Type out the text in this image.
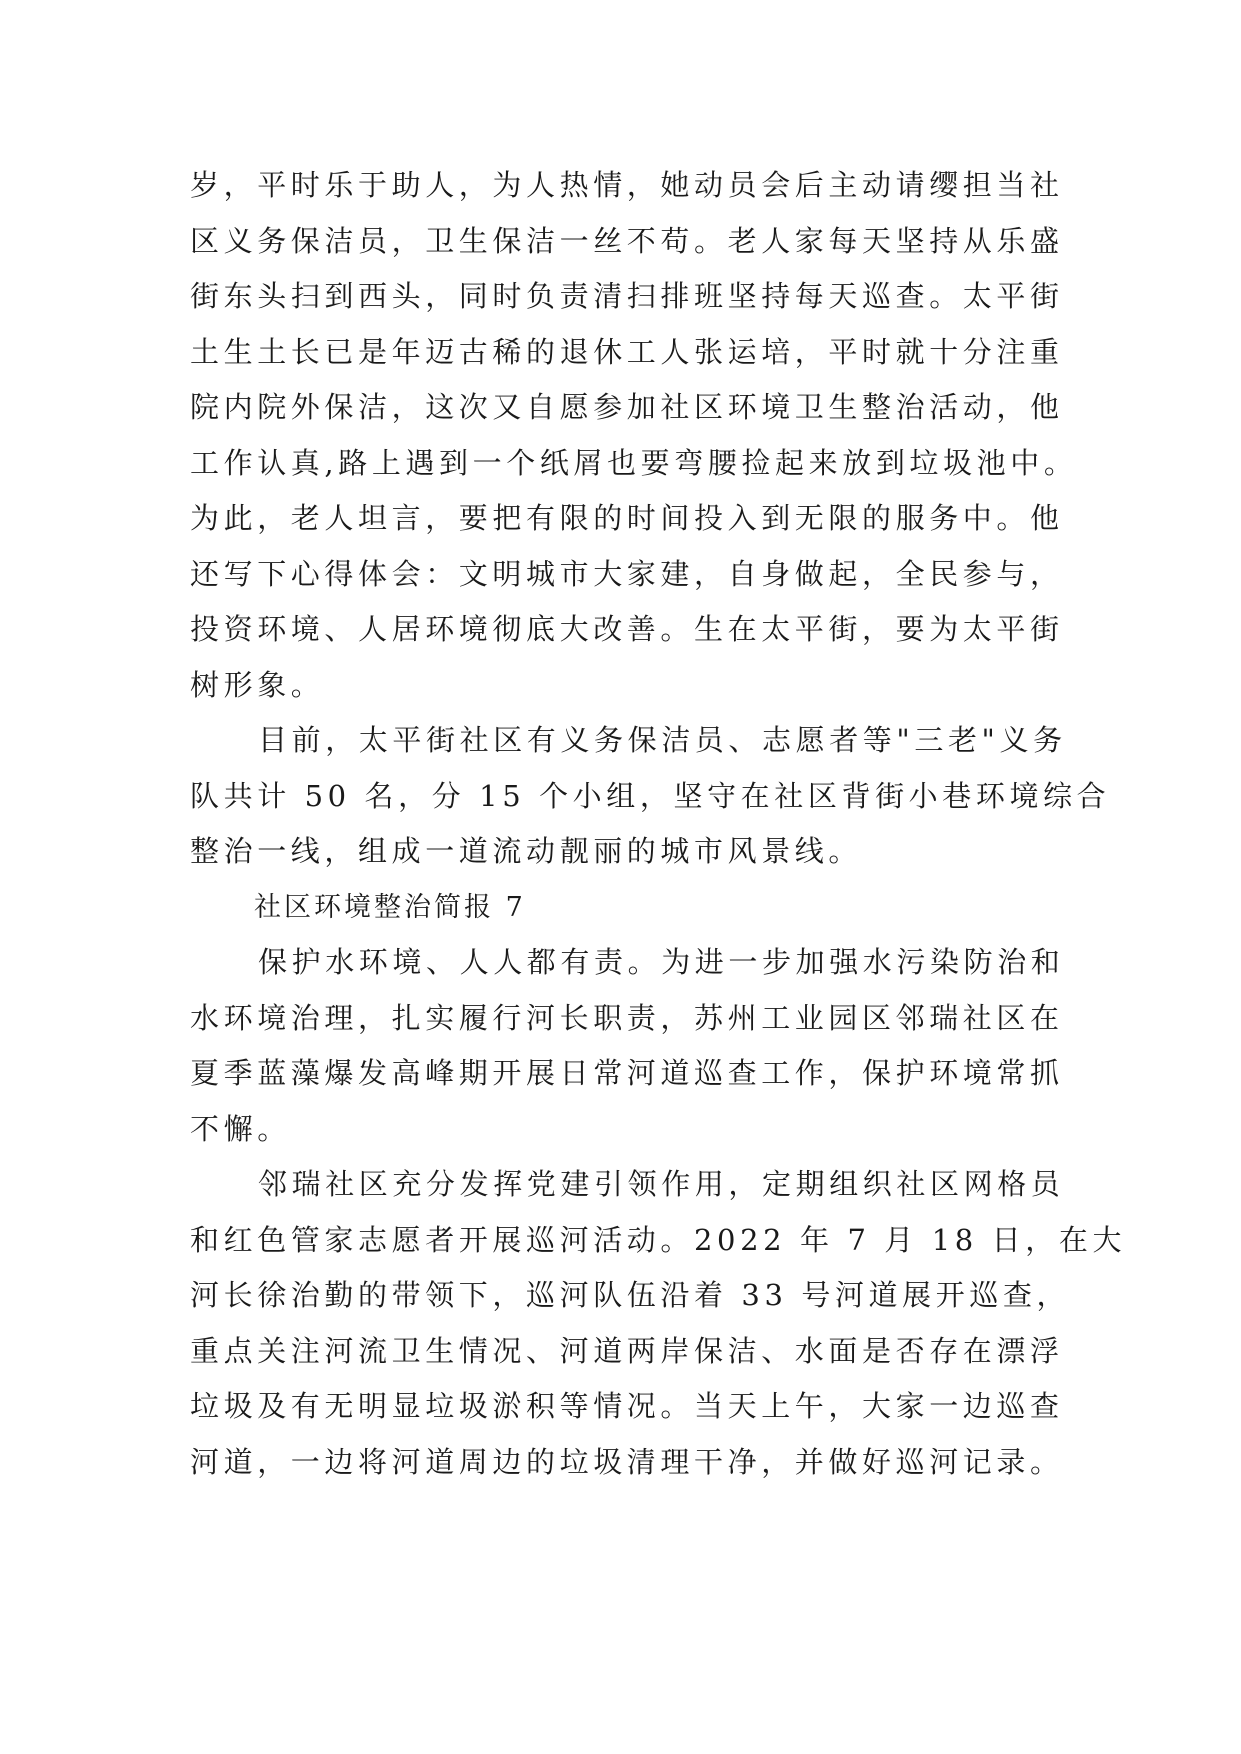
岁，平时乐于助人，为人热情，她动员会后主动请缨担当社
区义务保洁员，卫生保洁一丝不苟。老人家每天坚持从乐盛
街东头扫到西头，同时负责清扫排班坚持每天巡查。太平街
土生土长已是年迈古稀的退休工人张运培，平时就十分注重
院内院外保洁，这次又自愿参加社区环境卫生整治活动，他
工作认真,路上遇到一个纸屑也要弯腰捡起来放到垃圾池中。
为此，老人坦言，要把有限的时间投入到无限的服务中。他
还写下心得体会：文明城市大家建，自身做起，全民参与，
投资环境、人居环境彻底大改善。生在太平街，要为太平街
树形象。
目前，太平街社区有义务保洁员、志愿者等"三老"义务
队共计 50 名，分 15 个小组，坚守在社区背街小巷环境综合
整治一线，组成一道流动靓丽的城市风景线。
社区环境整治简报 7
保护水环境、人人都有责。为进一步加强水污染防治和
水环境治理，扎实履行河长职责，苏州工业园区邻瑞社区在
夏季蓝藻爆发高峰期开展日常河道巡查工作，保护环境常抓
不懈。
邻瑞社区充分发挥党建引领作用，定期组织社区网格员
和红色管家志愿者开展巡河活动。2022 年 7 月 18 日，在大
河长徐治勤的带领下，巡河队伍沿着 33 号河道展开巡查，
重点关注河流卫生情况、河道两岸保洁、水面是否存在漂浮
垃圾及有无明显垃圾淤积等情况。当天上午，大家一边巡查
河道，一边将河道周边的垃圾清理干净，并做好巡河记录。
